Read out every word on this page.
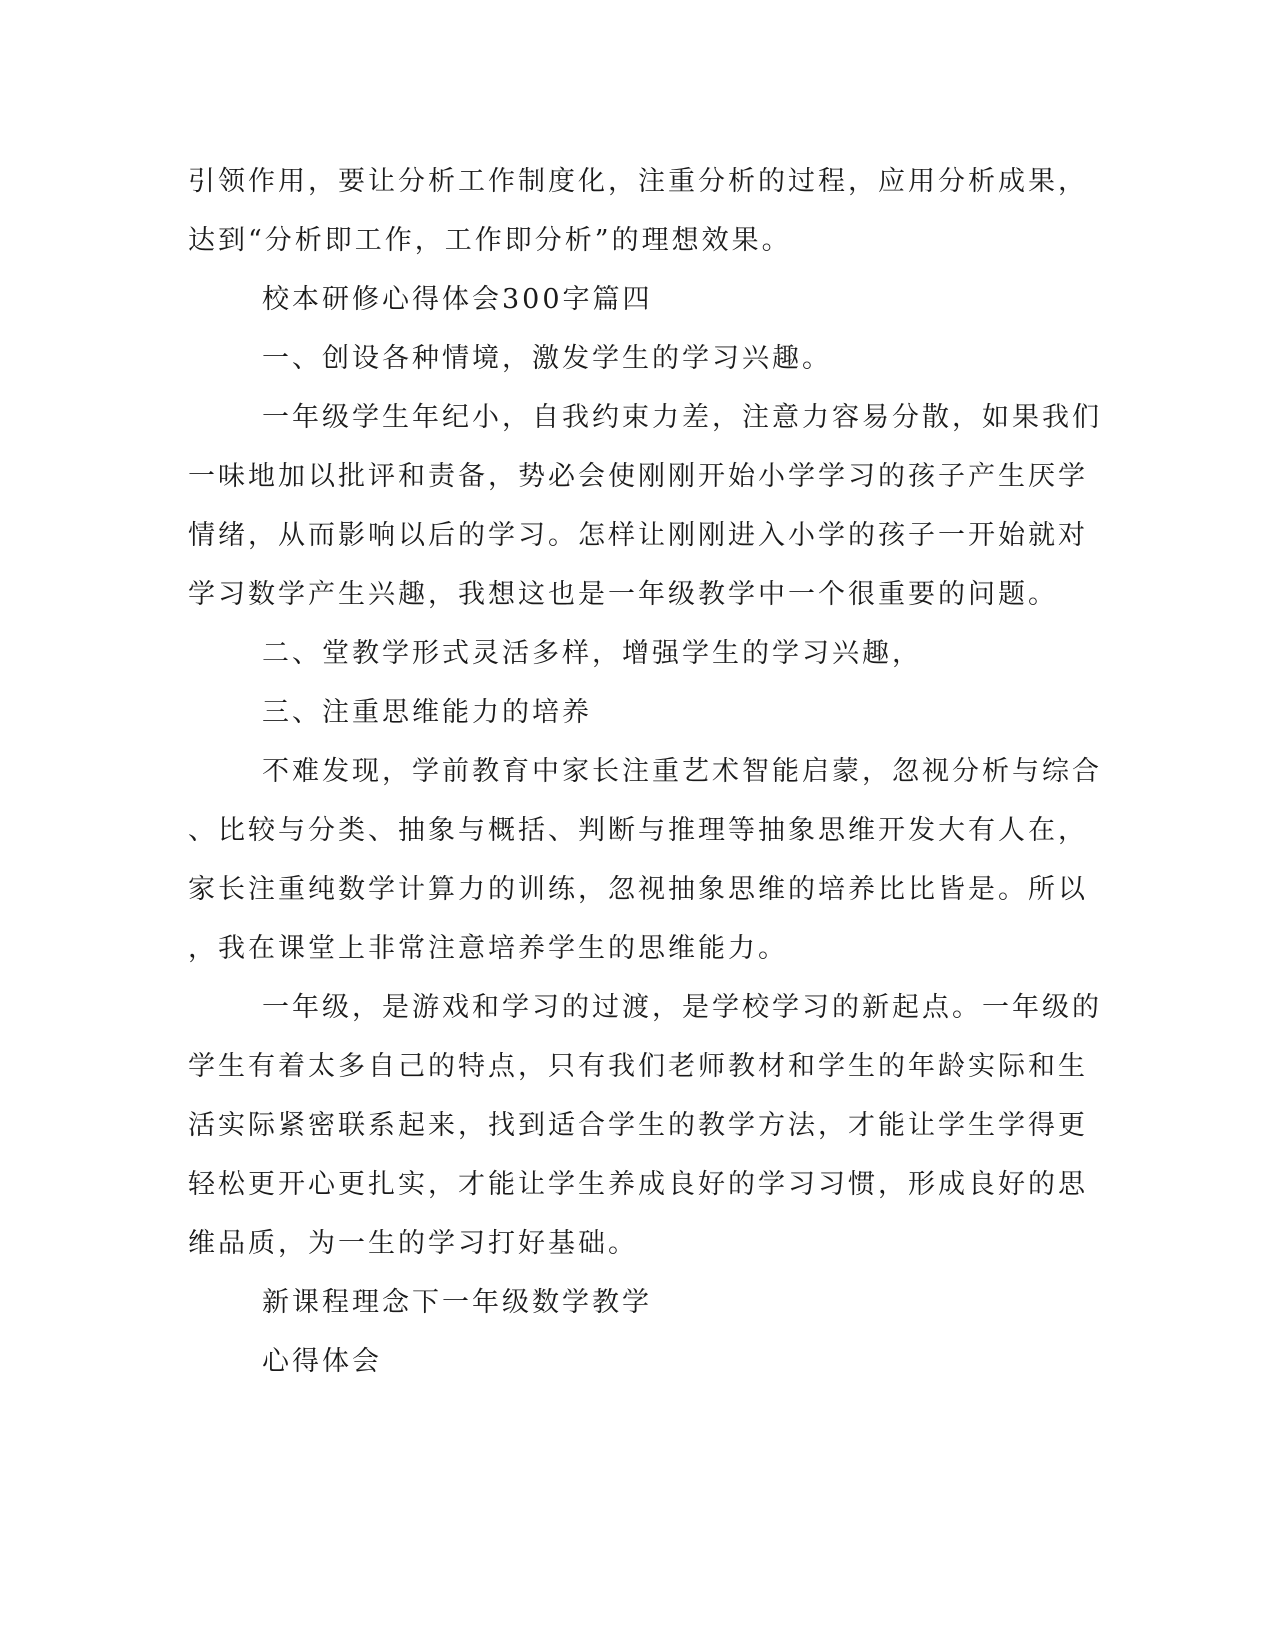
引领作用，要让分析工作制度化，注重分析的过程，应用分析成果，
达到“分析即工作，工作即分析”的理想效果。
校本研修心得体会300字篇四
一、创设各种情境，激发学生的学习兴趣。
一年级学生年纪小，自我约束力差，注意力容易分散，如果我们
一味地加以批评和责备，势必会使刚刚开始小学学习的孩子产生厌学
情绪，从而影响以后的学习。怎样让刚刚进入小学的孩子一开始就对
学习数学产生兴趣，我想这也是一年级教学中一个很重要的问题。
二、堂教学形式灵活多样，增强学生的学习兴趣，
三、注重思维能力的培养
不难发现，学前教育中家长注重艺术智能启蒙，忽视分析与综合
、比较与分类、抽象与概括、判断与推理等抽象思维开发大有人在，
家长注重纯数学计算力的训练，忽视抽象思维的培养比比皆是。所以
，我在课堂上非常注意培养学生的思维能力。
一年级，是游戏和学习的过渡，是学校学习的新起点。一年级的
学生有着太多自己的特点，只有我们老师教材和学生的年龄实际和生
活实际紧密联系起来，找到适合学生的教学方法，才能让学生学得更
轻松更开心更扎实，才能让学生养成良好的学习习惯，形成良好的思
维品质，为一生的学习打好基础。
新课程理念下一年级数学教学
心得体会
